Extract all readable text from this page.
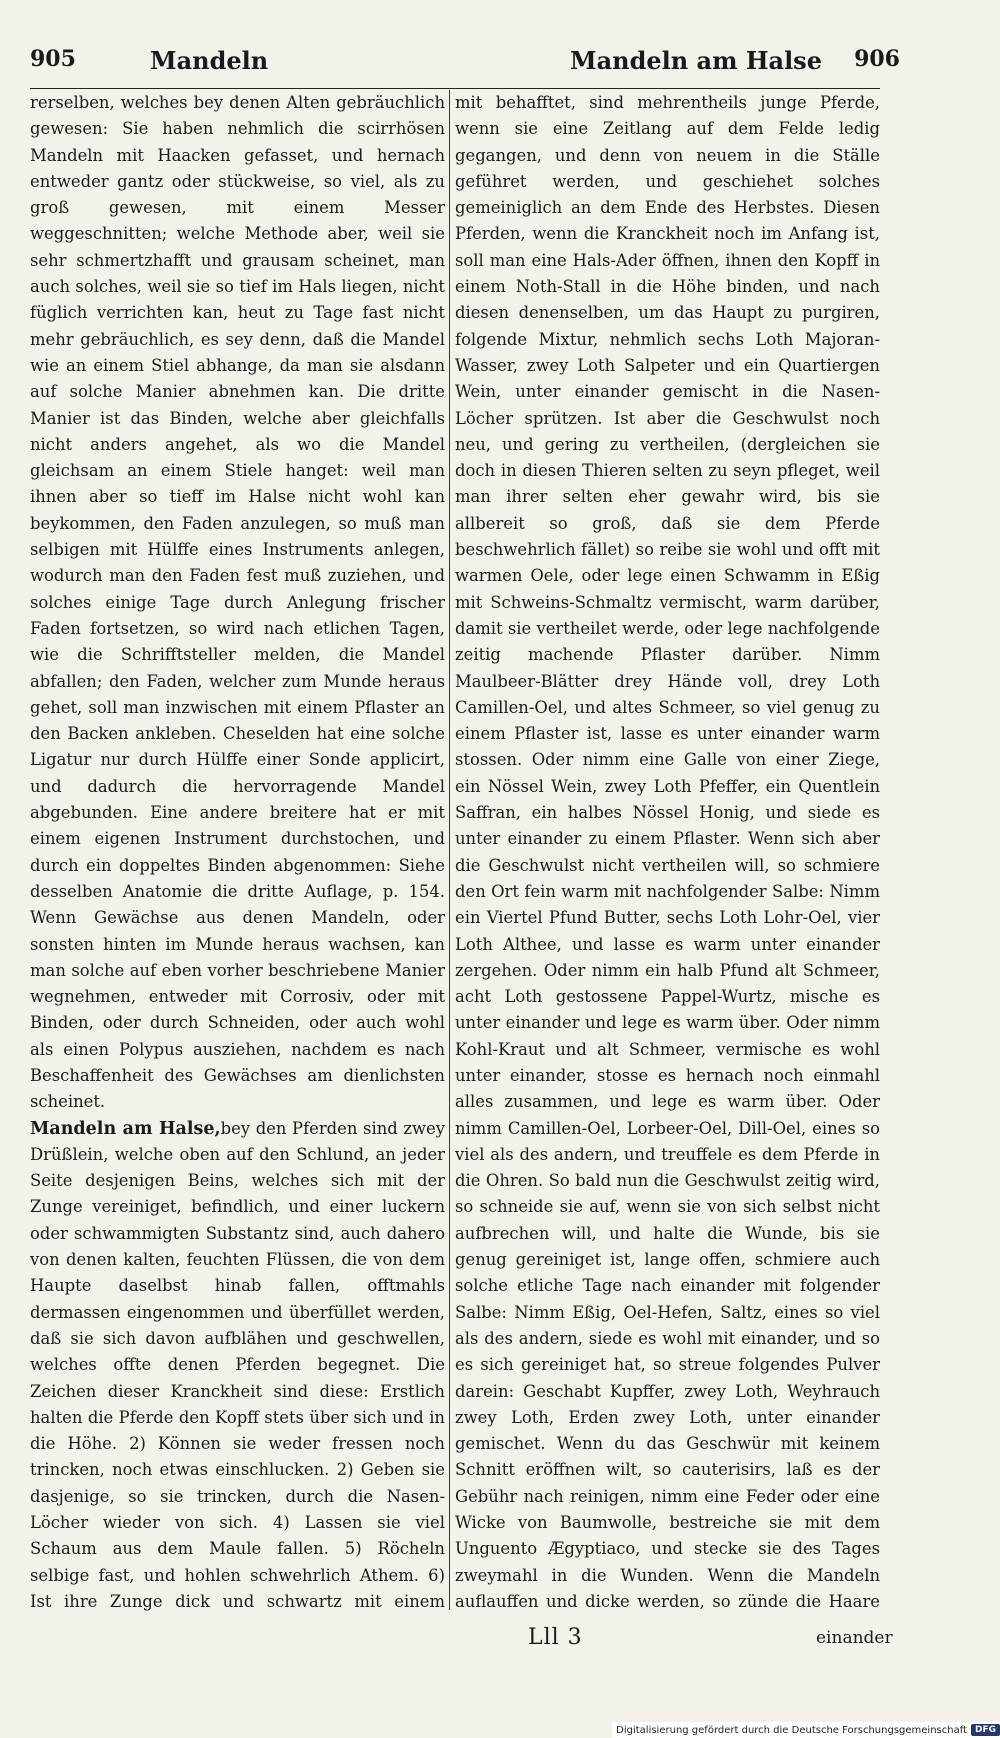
905	Mandeln	Mandeln am Halse 906

rerselben, welches bey denen Alten gebräuchlich gewesen: Sie haben nehmlich die scirrhösen Mandeln mit Haacken gefasset, und hernach entweder gantz oder stückweise, so viel, als zu groß gewesen, mit einem Messer weggeschnitten; welche Methode aber, weil sie sehr schmertzhafft und grausam scheinet, man auch solches, weil sie so tief im Hals liegen, nicht füglich verrichten kan, heut zu Tage fast nicht mehr gebräuchlich, es sey denn, daß die Mandel wie an einem Stiel abhange, da man sie alsdann auf solche Manier abnehmen kan. Die dritte Manier ist das Binden, welche aber gleichfalls nicht anders angehet, als wo die Mandel gleichsam an einem Stiele hanget: weil man ihnen aber so tieff im Halse nicht wohl kan beykommen, den Faden anzulegen, so muß man selbigen mit Hülffe eines Instruments anlegen, wodurch man den Faden fest muß zuziehen, und solches einige Tage durch Anlegung frischer Faden fortsetzen, so wird nach etlichen Tagen, wie die Schrifftsteller melden, die Mandel abfallen; den Faden, welcher zum Munde heraus gehet, soll man inzwischen mit einem Pflaster an den Backen ankleben. Cheselden hat eine solche Ligatur nur durch Hülffe einer Sonde applicirt, und dadurch die hervorragende Mandel abgebunden. Eine andere breitere hat er mit einem eigenen Instrument durchstochen, und durch ein doppeltes Binden abgenommen: Siehe desselben Anatomie die dritte Auflage, p. 154. Wenn Gewächse aus denen Mandeln, oder sonsten hinten im Munde heraus wachsen, kan man solche auf eben vorher beschriebene Manier wegnehmen, entweder mit Corrosiv, oder mit Binden, oder durch Schneiden, oder auch wohl als einen Polypus ausziehen, nachdem es nach Beschaffenheit des Gewächses am dienlichsten scheinet.

Mandeln am Halse,bey den Pferden sind zwey Drüßlein, welche oben auf den Schlund, an jeder Seite desjenigen Beins, welches sich mit der Zunge vereiniget, befindlich, und einer luckern oder schwammigten Substantz sind, auch dahero von denen kalten, feuchten Flüssen, die von dem Haupte daselbst hinab fallen, offtmahls dermassen eingenommen und überfüllet werden, daß sie sich davon aufblähen und geschwellen, welches offte denen Pferden begegnet. Die Zeichen dieser Kranckheit sind diese: Erstlich halten die Pferde den Kopff stets über sich und in die Höhe. 2) Können sie weder fressen noch trincken, noch etwas einschlucken. 2) Geben sie dasjenige, so sie trincken, durch die Nasen-Löcher wieder von sich. 4) Lassen sie viel Schaum aus dem Maule fallen. 5) Röcheln selbige fast, und hohlen schwehrlich Athem. 6) Ist ihre Zunge dick und schwartz mit einem

mit behafftet, sind mehrentheils junge Pferde, wenn sie eine Zeitlang auf dem Felde ledig gegangen, und denn von neuem in die Ställe geführet werden, und geschiehet solches gemeiniglich an dem Ende des Herbstes. Diesen Pferden, wenn die Kranckheit noch im Anfang ist, soll man eine Hals-Ader öffnen, ihnen den Kopff in einem Noth-Stall in die Höhe binden, und nach diesen denenselben, um das Haupt zu purgiren, folgende Mixtur, nehmlich sechs Loth Majoran-Wasser, zwey Loth Salpeter und ein Quartiergen Wein, unter einander gemischt in die Nasen-Löcher sprützen. Ist aber die Geschwulst noch neu, und gering zu vertheilen, (dergleichen sie doch in diesen Thieren selten zu seyn pfleget, weil man ihrer selten eher gewahr wird, bis sie allbereit so groß, daß sie dem Pferde beschwehrlich fället) so reibe sie wohl und offt mit warmen Oele, oder lege einen Schwamm in Eßig mit Schweins-Schmaltz vermischt, warm darüber, damit sie vertheilet werde, oder lege nachfolgende zeitig machende Pflaster darüber. Nimm Maulbeer-Blätter drey Hände voll, drey Loth Camillen-Oel, und altes Schmeer, so viel genug zu einem Pflaster ist, lasse es unter einander warm stossen. Oder nimm eine Galle von einer Ziege, ein Nössel Wein, zwey Loth Pfeffer, ein Quentlein Saffran, ein halbes Nössel Honig, und siede es unter einander zu einem Pflaster. Wenn sich aber die Geschwulst nicht vertheilen will, so schmiere den Ort fein warm mit nachfolgender Salbe: Nimm ein Viertel Pfund Butter, sechs Loth Lohr-Oel, vier Loth Althee, und lasse es warm unter einander zergehen. Oder nimm ein halb Pfund alt Schmeer, acht Loth gestossene Pappel-Wurtz, mische es unter einander und lege es warm über. Oder nimm Kohl-Kraut und alt Schmeer, vermische es wohl unter einander, stosse es hernach noch einmahl alles zusammen, und lege es warm über. Oder nimm Camillen-Oel, Lorbeer-Oel, Dill-Oel, eines so viel als des andern, und treuffele es dem Pferde in die Ohren. So bald nun die Geschwulst zeitig wird, so schneide sie auf, wenn sie von sich selbst nicht aufbrechen will, und halte die Wunde, bis sie genug gereiniget ist, lange offen, schmiere auch solche etliche Tage nach einander mit folgender Salbe: Nimm Eßig, Oel-Hefen, Saltz, eines so viel als des andern, siede es wohl mit einander, und so es sich gereiniget hat, so streue folgendes Pulver darein: Geschabt Kupffer, zwey Loth, Weyhrauch zwey Loth, Erden zwey Loth, unter einander gemischet. Wenn du das Geschwür mit keinem Schnitt eröffnen wilt, so cauterisirs, laß es der Gebühr nach reinigen, nimm eine Feder oder eine Wicke von Baumwolle, bestreiche sie mit dem Unguento Ægyptiaco, und stecke sie des Tages zweymahl in die Wunden. Wenn die Mandeln auflauffen und dicke werden, so zünde die Haare

Lll 3	einander
Digitalisierung gefördert durch die Deutsche Forschungsgemeinschaft DFG
